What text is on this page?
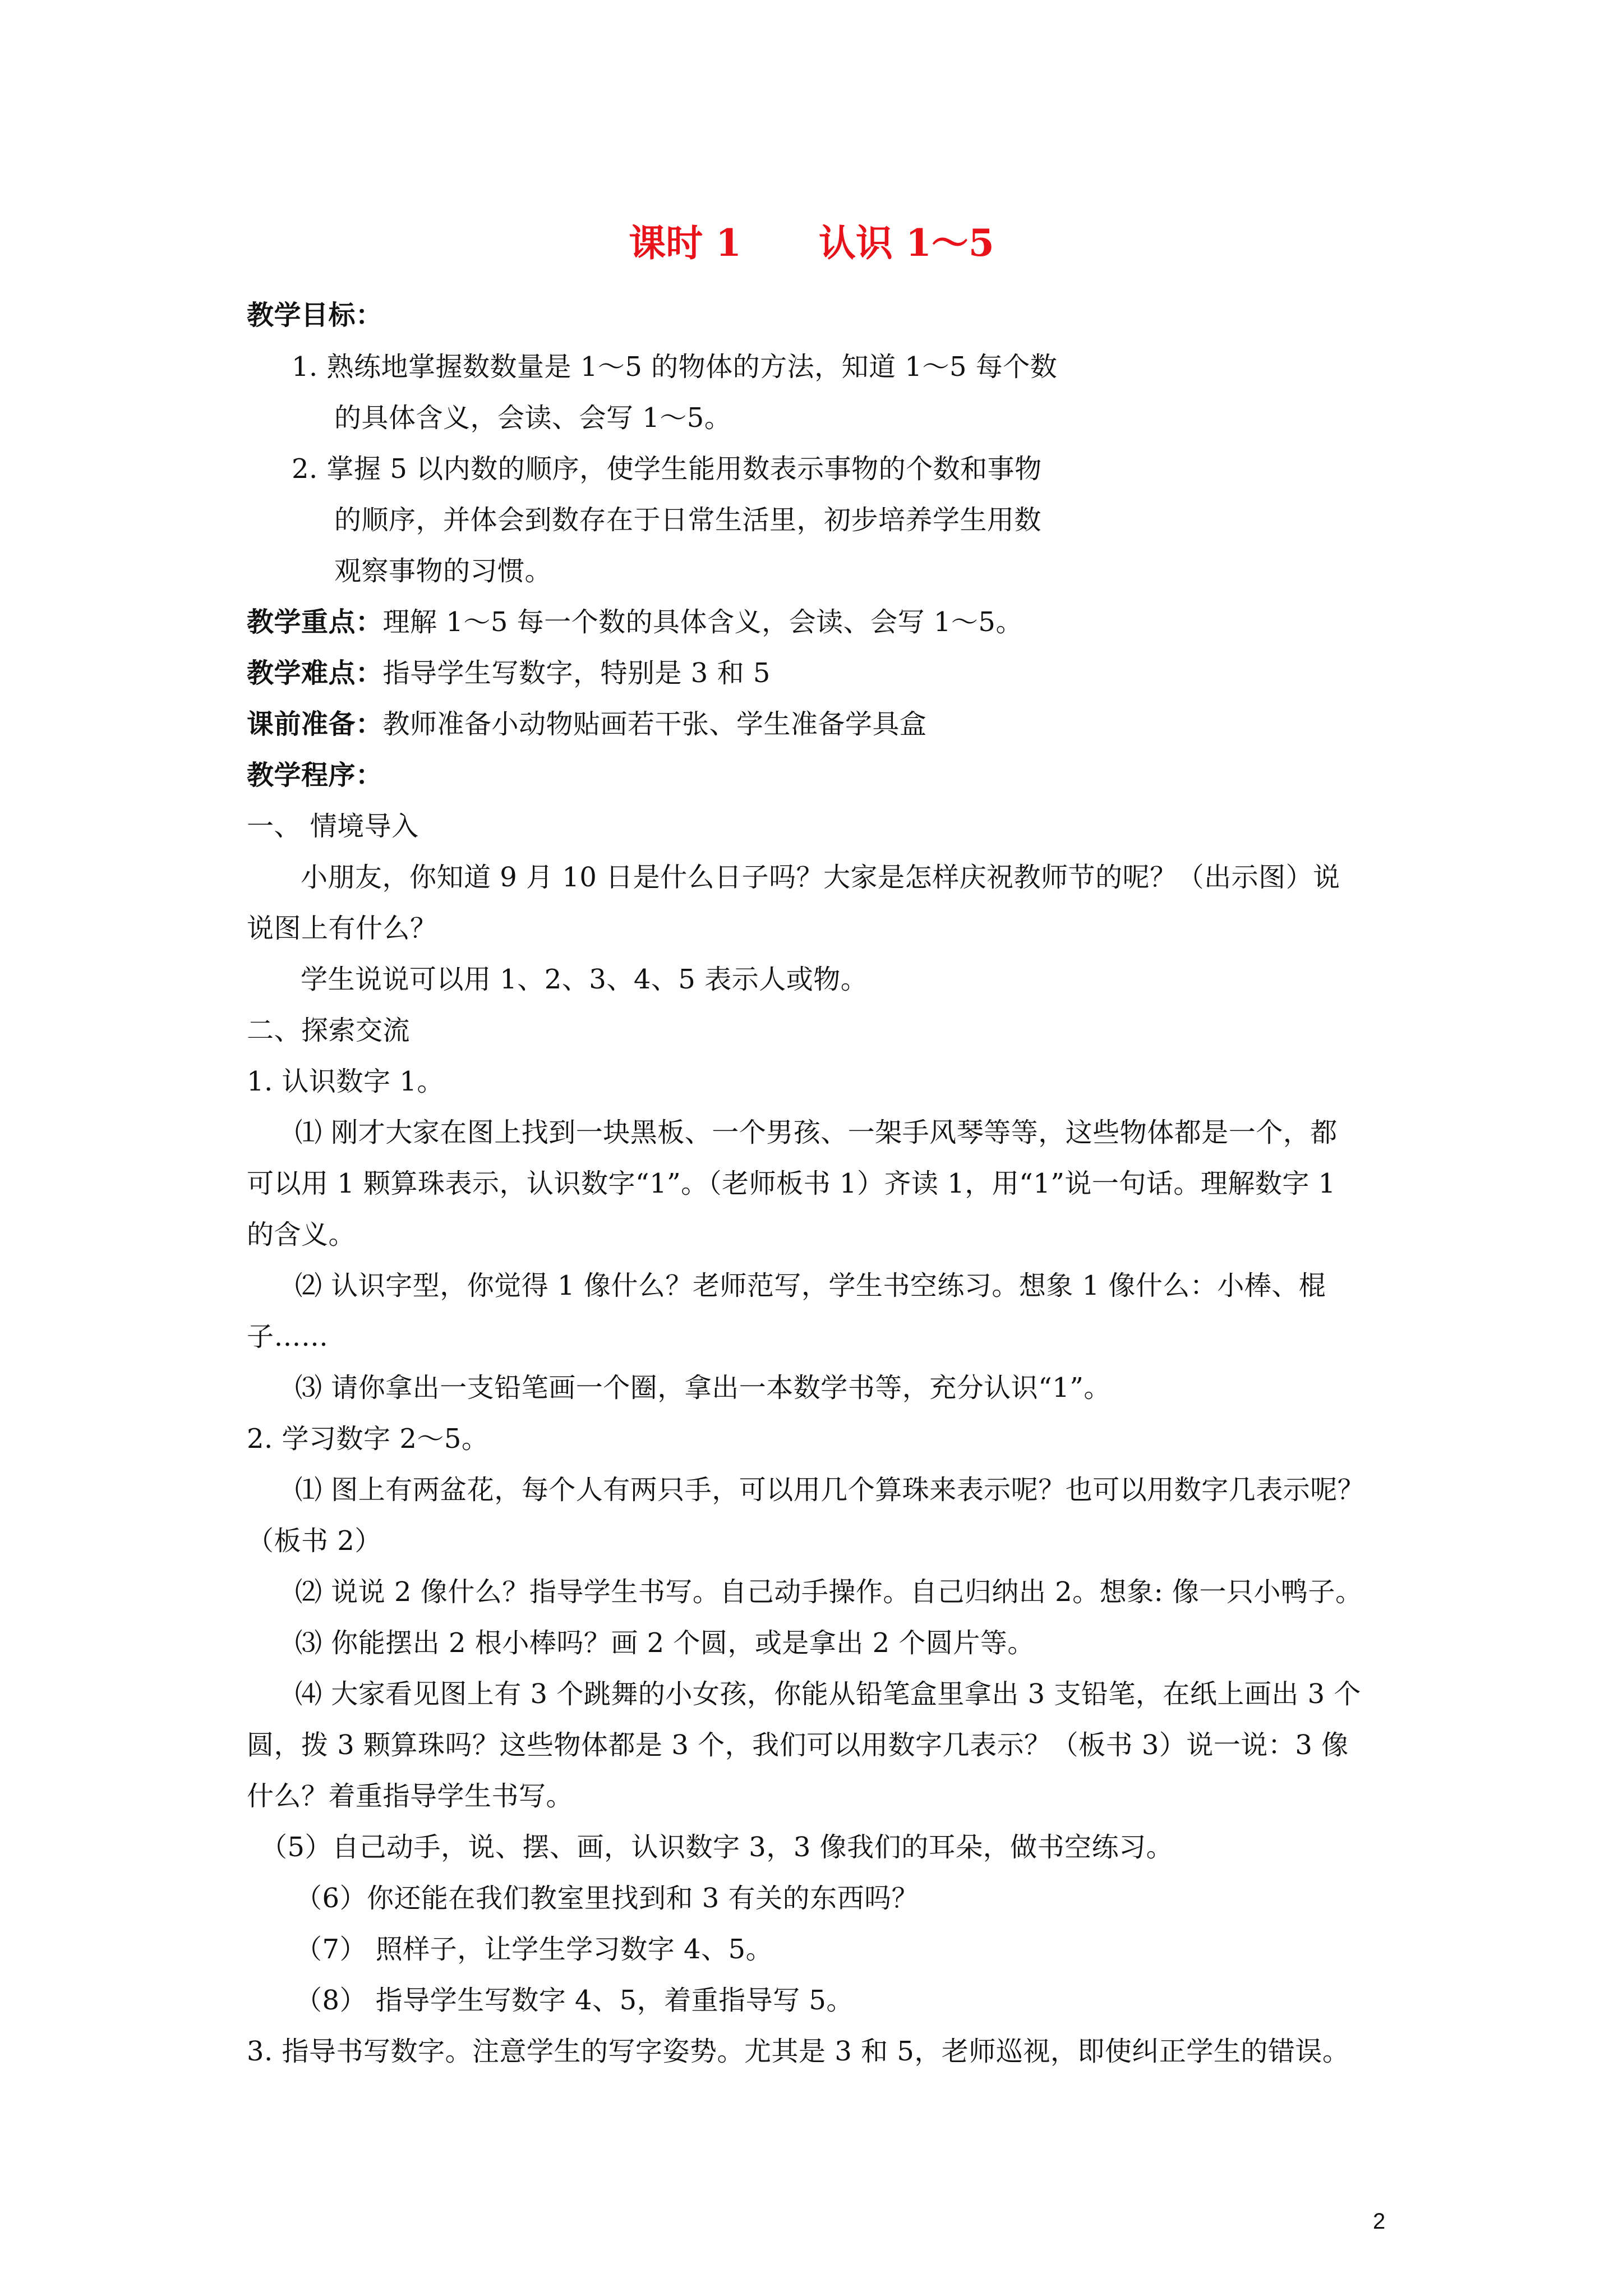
课时 1      认识 1～5
教学目标：
1. 熟练地掌握数数量是 1～5 的物体的方法，知道 1～5 每个数
的具体含义，会读、会写 1～5。
2. 掌握 5 以内数的顺序，使学生能用数表示事物的个数和事物
的顺序，并体会到数存在于日常生活里，初步培养学生用数
观察事物的习惯。
教学重点：理解 1～5 每一个数的具体含义，会读、会写 1～5。
教学难点：指导学生写数字，特别是 3 和 5
课前准备：教师准备小动物贴画若干张、学生准备学具盒
教学程序：
一、 情境导入
小朋友，你知道 9 月 10 日是什么日子吗？大家是怎样庆祝教师节的呢？（出示图）说
说图上有什么？
学生说说可以用 1、2、3、4、5 表示人或物。
二、探索交流
1. 认识数字 1。
⑴ 刚才大家在图上找到一块黑板、一个男孩、一架手风琴等等，这些物体都是一个，都
可以用 1 颗算珠表示，认识数字“1”。（老师板书 1）齐读 1，用“1”说一句话。理解数字 1
的含义。
⑵ 认识字型，你觉得 1 像什么？老师范写，学生书空练习。想象 1 像什么：小棒、棍
子……
⑶ 请你拿出一支铅笔画一个圈，拿出一本数学书等，充分认识“1”。
2. 学习数字 2～5。
⑴ 图上有两盆花，每个人有两只手，可以用几个算珠来表示呢？也可以用数字几表示呢？
（板书 2）
⑵ 说说 2 像什么？指导学生书写。自己动手操作。自己归纳出 2。想象: 像一只小鸭子。
⑶ 你能摆出 2 根小棒吗？画 2 个圆，或是拿出 2 个圆片等。
⑷ 大家看见图上有 3 个跳舞的小女孩，你能从铅笔盒里拿出 3 支铅笔，在纸上画出 3 个
圆，拨 3 颗算珠吗？这些物体都是 3 个，我们可以用数字几表示？（板书 3）说一说：3 像
什么？着重指导学生书写。
（5）自己动手，说、摆、画，认识数字 3，3 像我们的耳朵，做书空练习。
（6）你还能在我们教室里找到和 3 有关的东西吗？
（7） 照样子，让学生学习数字 4、5。
（8） 指导学生写数字 4、5，着重指导写 5。
3. 指导书写数字。注意学生的写字姿势。尤其是 3 和 5，老师巡视，即使纠正学生的错误。
2
